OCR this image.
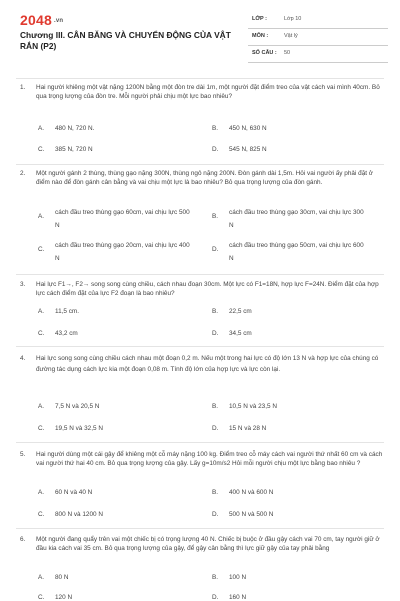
2048 .vn
Chương III. CÂN BĂNG VÀ CHUYỂN ĐỘNG CỦA VẬT RẮN (P2)
LỚP :	Lớp 10
MÔN :	Vật lý
SỐ CÂU : 50
1. Hai người khiêng một vật nặng 1200N bằng một đòn tre dài 1m, một người đặt điểm treo của vật cách vai mình 40cm. Bỏ qua trọng lượng của đòn tre. Mỗi người phải chịu một lực bao nhiêu?
A. 480 N, 720 N.	B. 450 N, 630 N
C. 385 N, 720 N	D. 545 N, 825 N
2. Một người gánh 2 thùng, thùng gạo nặng 300N, thùng ngô nặng 200N. Đòn gánh dài 1,5m. Hỏi vai người ấy phải đặt ở điểm nào để đòn gánh cân bằng và vai chịu một lực là bao nhiêu? Bỏ qua trọng lượng của đòn gánh.
A.
cách đầu treo thùng gạo 60cm, vai chịu lực 500 N
B.
cách đầu treo thùng gạo 30cm, vai chịu lực 300 N
C.
cách đầu treo thùng gạo 20cm, vai chịu lực 400 N
D.
cách đầu treo thùng gạo 50cm, vai chịu lực 600 N
3. Hai lực F1→, F2→ song song cùng chiều, cách nhau đoạn 30cm. Một lực có F1=18N, hợp lực F=24N. Điểm đặt của hợp lực cách điểm đặt của lực F2 đoạn là bao nhiêu?
A. 11,5 cm.	B. 22,5 cm
C. 43,2 cm	D. 34,5 cm
4. Hai lực song song cùng chiều cách nhau một đoạn 0,2 m. Nếu một trong hai lực có độ lớn 13 N và hợp lực của chúng có đường tác dụng cách lực kia một đoạn 0,08 m. Tính độ lớn của hợp lực và lực còn lại.
A. 7,5 N và 20,5 N	B. 10,5 N và 23,5 N
C. 19,5 N và 32,5 N	D. 15 N và 28 N
5. Hai người dùng một cái gậy để khiêng một cỗ máy nặng 100 kg. Điểm treo cỗ máy cách vai người thứ nhất 60 cm và cách vai người thứ hai 40 cm. Bỏ qua trọng lượng của gậy. Lấy g=10m/s2 Hỏi mỗi người chịu một lực bằng bao nhiêu ?
A. 60 N và 40 N	B. 400 N và 600 N
C. 800 N và 1200 N	D. 500 N và 500 N
6. Một người đang quẩy trên vai một chiếc bị có trọng lượng 40 N. Chiếc bị buộc ở đầu gậy cách vai 70 cm, tay người giữ ở đầu kia cách vai 35 cm. Bỏ qua trọng lượng của gậy, để gậy cân bằng thì lực giữ gậy của tay phải bằng
A. 80 N	B. 100 N
C. 120 N	D. 160 N
